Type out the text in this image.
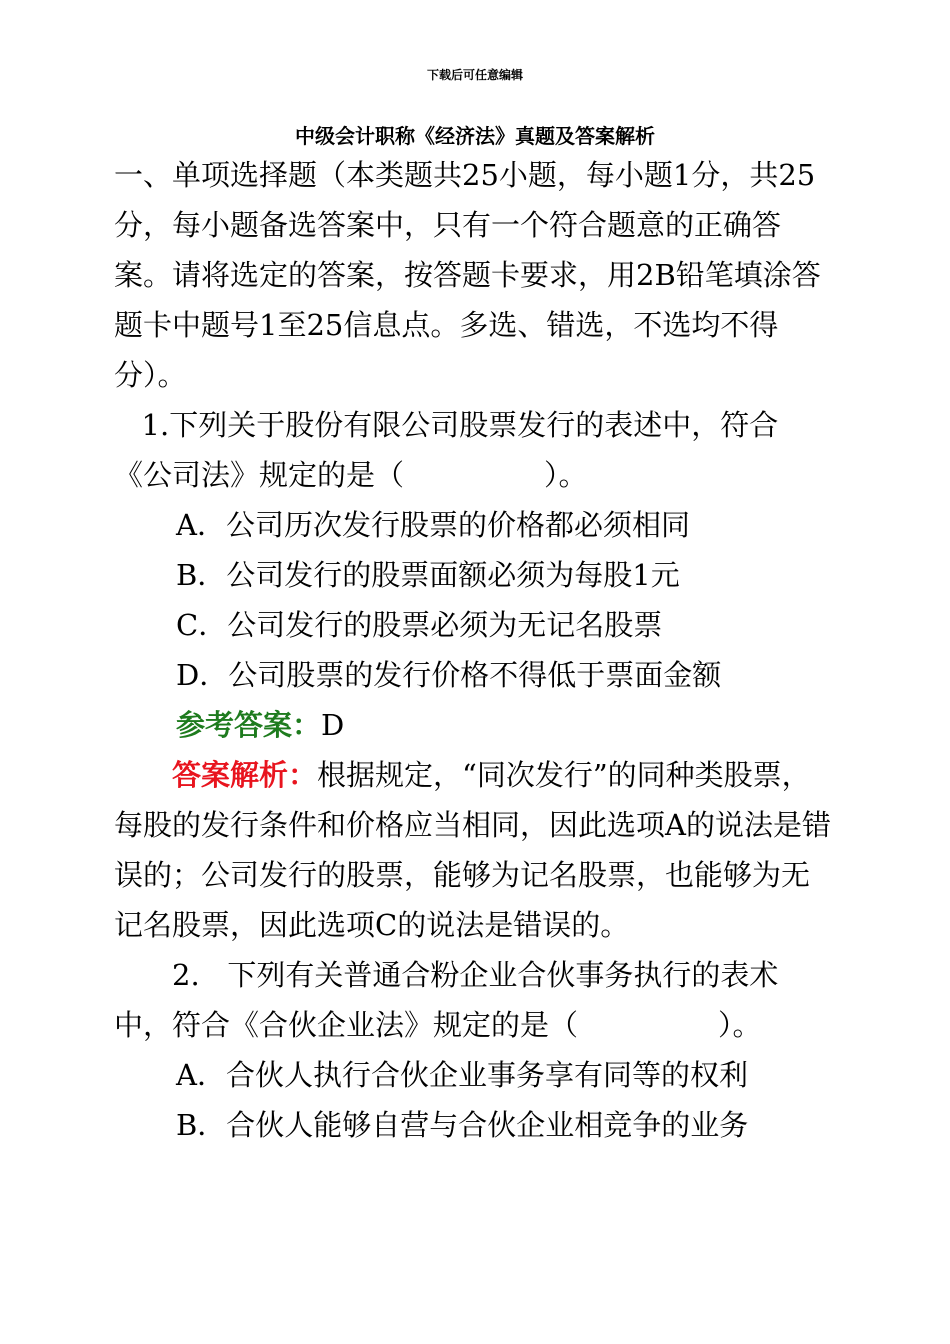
下载后可任意编辑
中级会计职称《经济法》真题及答案解析

一、单项选择题（本类题共25小题，每小题1分，共25分，每小题备选答案中，只有一个符合题意的正确答案。请将选定的答案，按答题卡要求，用2B铅笔填涂答题卡中题号1至25信息点。多选、错选，不选均不得分）。

1.下列关于股份有限公司股票发行的表述中，符合《公司法》规定的是（	）。

A．公司历次发行股票的价格都必须相同

B．公司发行的股票面额必须为每股1元

C．公司发行的股票必须为无记名股票

D．公司股票的发行价格不得低于票面金额

参考答案：D

答案解析：根据规定，“同次发行”的同种类股票，每股的发行条件和价格应当相同，因此选项A的说法是错误的；公司发行的股票，能够为记名股票，也能够为无记名股票，因此选项C的说法是错误的。

2.   下列有关普通合粉企业合伙事务执行的表术中，符合《合伙企业法》规定的是（	）。

A．合伙人执行合伙企业事务享有同等的权利

B．合伙人能够自营与合伙企业相竞争的业务
